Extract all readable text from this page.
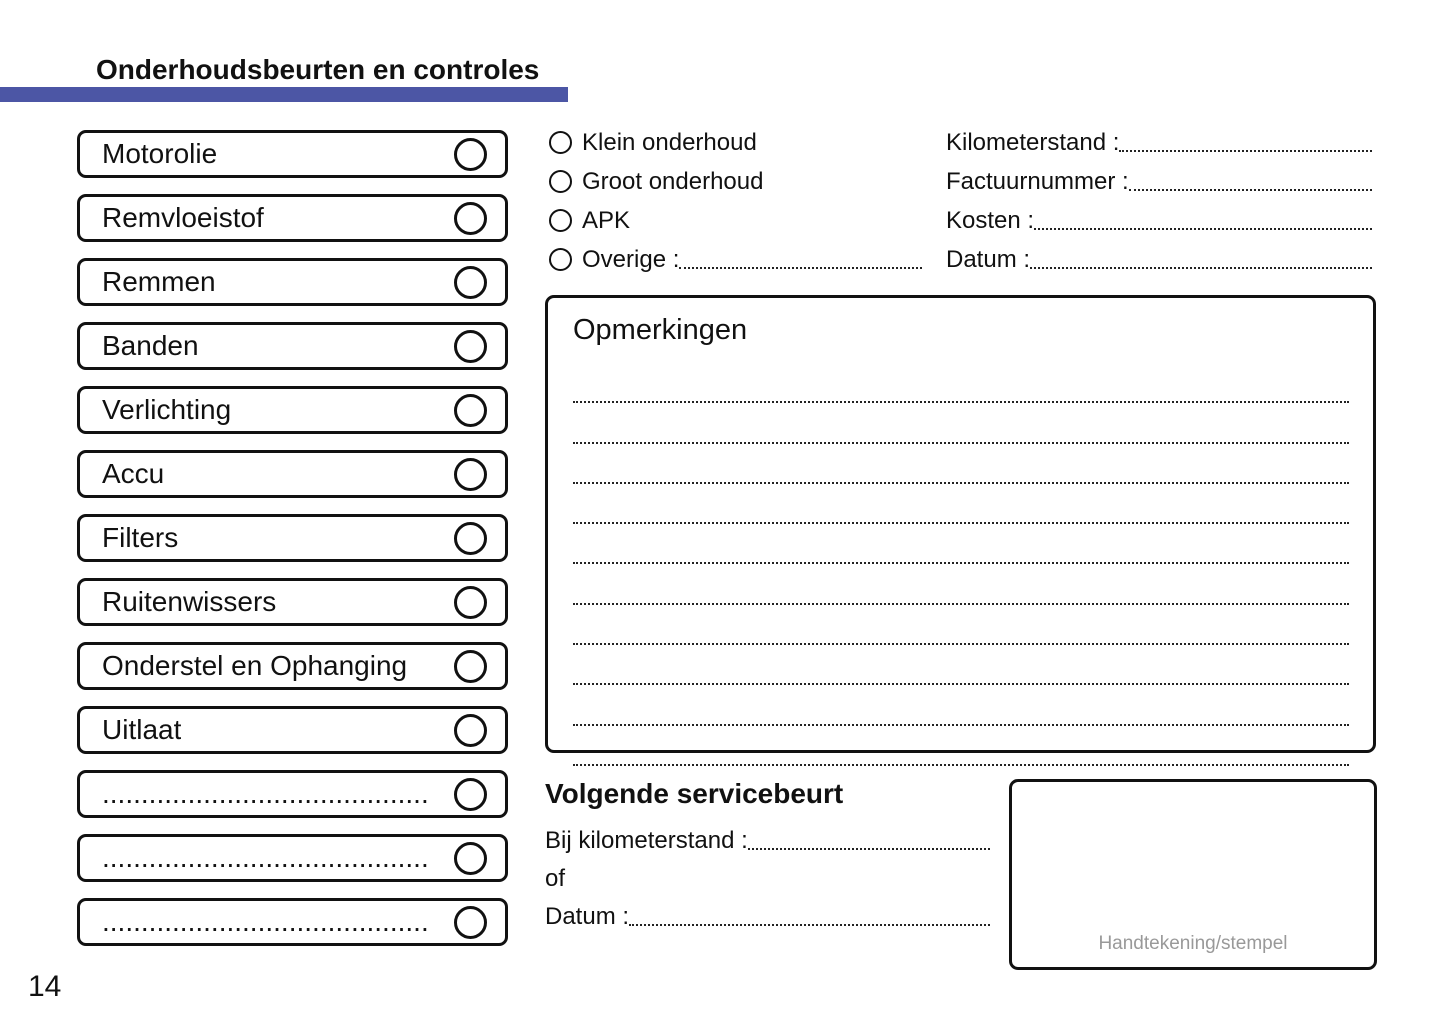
Onderhoudsbeurten en controles
Motorolie
Remvloeistof
Remmen
Banden
Verlichting
Accu
Filters
Ruitenwissers
Onderstel en Ophanging
Uitlaat
..........................................
..........................................
..........................................
Klein onderhoud
Groot onderhoud
APK
Overige :
Kilometerstand :
Factuurnummer :
Kosten :
Datum :
Opmerkingen
Volgende servicebeurt
Bij kilometerstand :
of
Datum :
Handtekening/stempel
14
